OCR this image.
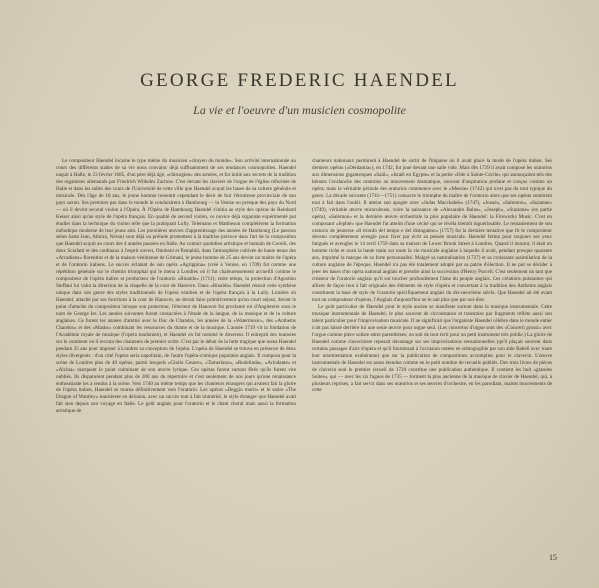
GEORGE FREDERIC HAENDEL

La vie et l'oeuvre d'un musicien cosmopolite

Le compositeur Haendel incarne le type même du musicien «citoyen du monde». Son activité internationale au cours des différents stades de sa vie nous convainc déjà suffisamment de ses tendances cosmopolites. Haendel naquit à Halle, le 23 février 1685, d'un père déjà âgé, «chirurgien» des armées, et fut initié aux secrets de la tradition des organistes allemands par Friedrich Wilhelm Zachow. C'est devant les claviers de l'orgue de l'église réformée de Halle et dans les salles des cours de l'Université de cette ville que Haendel acquit les bases de sa culture générale et musicale. Dès l'âge de 18 ans, le jeune homme ressentit cependant le désir de fuir l'étroitesse provinciale de son pays saxon. Ses premiers pas dans le monde le conduisirent à Hambourg — la Venise ou presque des pays du Nord — où il devint second violon à l'Opéra. À l'Opéra de Hambourg Haendel s'initia au style des opéras de Reinhard Keiser ainsi qu'au style de l'opéra français. En qualité de second violon, ce novice déjà organiste expérimenté put étudier dans la technique du violon telle que la pratiquait Lully. Telemann et Mattheson complétèrent la formation mélodique moderne de leur jeune ami. Les premières œuvres d'apprentissage des années de Hambourg (Le passion selon Saint Jean, Almira, Néron) sont déjà un prélude prometteur à la maîtrise précoce dans l'art de la composition que Haendel acquit au cours des 4 années passées en Italie. Au contact quotidien artistique et humain de Corelli, des deux Scarlatti et des cardinaux à l'esprit ouvert, Ottoboni et Pamphili, dans l'atmosphère cultivée de haute tenue des «Arcadiens» florentins et de la maison vénitienne de Grimani, le jeune homme de 25 ans devint un maître de l'opéra et de l'oratorio italiens. Le succès éclatant de son opéra «Agrippina» (créé à Venise, en 1709) fut comme une répétition générale sur le chemin triomphal qui le mena à Londres où il fut chaleureusement accueilli comme le compositeur de l'opéra italien et producteur de l'oratorio «Rinaldo» (1711); entre temps, la protection d'Agostino Steffani lui valut la direction de la chapelle de la cour de Hanovre. Dans «Rinaldo» Haendel réussit cette synthèse unique dans son genre des styles traditionnels de l'opéra vénitien et de l'opéra français à la Lully. Londres où Haendel, attaché par ses fonctions à la cour de Hanovre, ne devait faire primitivement qu'un court séjour, devint le point d'attache du compositeur lorsque son protecteur, l'électeur de Hanovre fut proclamé roi d'Angleterre sous le nom de George Ier. Les années suivantes furent consacrées à l'étude de la langue, de la musique et de la culture anglaises. Ce furent les années d'amitié avec le Duc de Chandos, les années de la «Watermusic», des «Anthems Chandos» et des «Masks» combinant les ressources du drame et de la musique. L'année 1719 vit la fondation de l'Académie royale de musique (l'opéra londonien), et Haendel en fut nommé le directeur. Il entreprit des tournées sur le continent où il recruta des chanteurs de premier ordre. C'est par le début de la lutte tragique que mena Haendel pendant 25 ans pour imposer à Londres sa conception de l'opéra. L'opéra de Haendel se trouva en présence de deux styles divergents : d'un côté l'opéra seria napolitain, de l'autre l'opéra-comique populaire anglais. Il composa pour la scène de Londres plus de 40 opéras, parmi lesquels «Giulio Cesare», «Tamerlano», «Rodelinda», «Ariodante» et «Alcina» marquent le point culminant de son œuvre lyrique. Ces opéras furent surtout fêtés qu'ils furent vite oubliés. Ils disparurent pendant plus de 200 ans du répertoire et c'est seulement de nos jours qu'une renaissance enthousiaste les a rendus à la scène. Vers 1740 au même temps que les chanteurs étrangers qui avaient fait la gloire de l'opéra italien, Haendel se tourna définitivement vers l'oratorio. Les opéras «Deggio morir» et le satire «The Dragon of Wantley» tournèrent en dérision, avec un succès tout à fait immérité, le style étranger que Haendel avait fait sien depuis son voyage en Italie. Le goût anglais pour l'oratorio et le chant choral mais aussi la formation artistique de

chanteurs nationaux permirent à Haendel de sortir de l'impasse où il avait placé la mode de l'opéra italien. Ses derniers opéras («Deidamia»), en 1742, fut joué devant une salle vide. Mais dès 1739 il avait composé les oratorios aux dimensions gigantesques «Saül», «Israël en Egypte» et la petite «Ode à Sainte-Cécile» qui annonçaient tels des hérauts l'avalanche des oratorios au mouvement dramatique, souvent d'inspiration profane et conçus comme un opéra; mais la véritable période des oratorios commence avec le «Messie» (1742) qui n'est pas du tout typique du genre. La décade suivante (1741—1751) consacre le triomphe du maître de l'oratorio alors que ses opéras sombrent tout à fait dans l'oubli. Il atteint son apogée avec «Judas Macchabée» (1747), «Josué», «Salomon», «Suzanne» (1749), véritable œuvre miraculeuse, voire la naissance de «Alexandre Balus», «Joseph», «Suzanne» (en partie opéra), «Salomon» et la dernière œuvre orchestrale la plus populaire de Haendel: la Fireworks Music. C'est en composant «Jephté» que Haendel fut atteint d'une cécité qui se révéla bientôt inguérissable. Le remaniement de son oratorio de jeunesse «Il trionfo del tempo e del disinganno» (1757) fut la dernière tentative que fit le compositeur devenu complètement aveugle pour fixer par écrit sa pensée musicale. Haendel ferma pour toujours ses yeux fatigués et aveugles le 14 avril 1759 dans sa maison de Lower Brook Street à Londres. Quand il mourut, il était un homme riche et avait la haute main sur toute la vie musicale anglaise à laquelle il avait, pendant presque quarante ans, imprimé la marque de sa forte personnalité. Malgré sa naturalisation (1727) et sa croissante assimilation de la culture anglaise de l'époque, Haendel n'a pas été totalement adopté par sa patrie d'élection. Il ne put se décider à jeter les bases d'un opéra national anglais et prendre ainsi la succession d'Henry Purcell. C'est seulement un tant que créateur de l'oratorio anglais qu'il sut toucher profondément l'âme du peuple anglais. Ces créations puissantes qui allient de façon tout à fait originale des éléments de style d'opéra et concertant à la tradition des Anthems anglais constituent la base de style de l'oratorio spécifiquement anglais du dix-neuvième siècle. Que Haendel ait été avant tout un compositeur d'opéras, l'Anglais d'aujourd'hui ne le sait plus que par oui-dire.

Le goût particulier de Haendel pour le style ancien se manifeste surtout dans la musique instrumentale. Cette musique instrumentale de Haendel, le plus souvent de circonstance et transmise par fragments reflète aussi son talent particulier pour l'improvisation musicale. Il ne significait que l'organiste Haendel célèbre dans le monde entier n'ait pas laissé derrière lui une seule œuvre pour orgue seul. (Les concertos d'orgue sont des «Concerti grossi» avec l'orgue comme pièce soliste entre parenthèses; on suit de tout écrit pour un petit instrument très pobile.) La gloire de Haendel comme claveciniste reposait davantage sur ses improvisations sensationnelles (qu'il plaçait souvent dans certains passages d'airs d'opéra et qu'il fournissait à l'occasion notées en sténographie par son aide Babell avec toute leur ornementation exubérante) que sur la publication de compositions accomplies pour le clavecin. L'œuvre instrumentale de Haendel est assez étendue comme en le petit nombre de recueils publiés. Des trois livres de pièces de clavecin seul le premier recueil de 1720 constitue une publication authentique. Il contient les huit «grandes Suites», qui — avec les six fugues de 1735 — forment la plus ancienne de la musique de clavier de Haendel, qui, à plusieurs reprises, a fait servir dans ses oratorios et ses œuvres d'orchestre, en les parodiant, maints mouvements de cette

15
